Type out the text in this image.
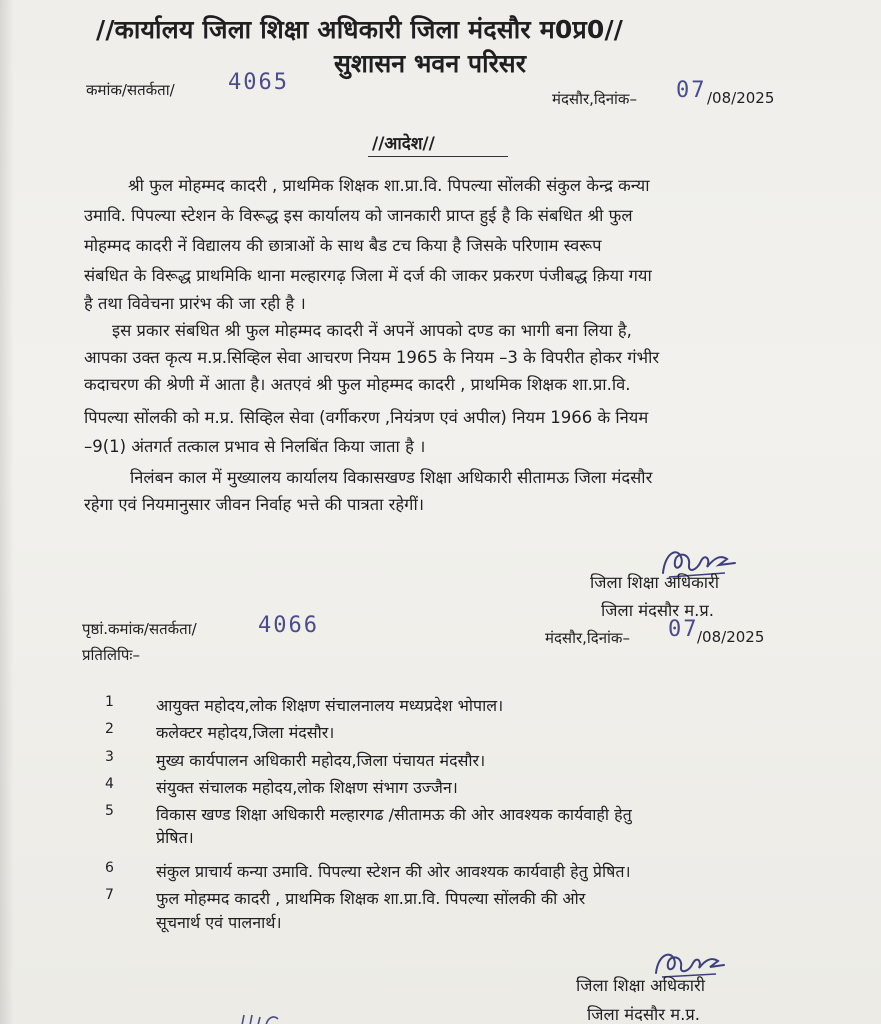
//कार्यालय जिला शिक्षा अधिकारी जिला मंदसौर म0प्र0//
सुशासन भवन परिसर
कमांक/सतर्कता/ 4065
मंदसौर,दिनांक– 07 /08/2025
//आदेश//
श्री फुल मोहम्मद कादरी , प्राथमिक शिक्षक शा.प्रा.वि. पिपल्या सोंलकी संकुल केन्द्र कन्या
उमावि. पिपल्या स्टेशन के विरूद्ध इस कार्यालय को जानकारी प्राप्त हुई है कि संबधित श्री फुल
मोहम्मद कादरी नें विद्यालय की छात्राओं के साथ बैड टच किया है जिसके परिणाम स्वरूप
संबधित के विरूद्ध प्राथमिकि थाना मल्हारगढ़ जिला में दर्ज की जाकर प्रकरण पंजीबद्ध क़िया गया
है तथा विवेचना प्रारंभ की जा रही है ।
इस प्रकार संबधित श्री फुल मोहम्मद कादरी नें अपनें आपको दण्ड का भागी बना लिया है,
आपका उक्त कृत्य म.प्र.सिव्हिल सेवा आचरण नियम 1965 के नियम –3 के विपरीत होकर गंभीर
कदाचरण की श्रेणी में आता है। अतएवं श्री फुल मोहम्मद कादरी , प्राथमिक शिक्षक शा.प्रा.वि.
पिपल्या सोंलकी को म.प्र. सिव्हिल सेवा (वर्गीकरण ,नियंत्रण एवं अपील) नियम 1966 के नियम
–9(1) अंतगर्त तत्काल प्रभाव से निलबिंत किया जाता है ।
निलंबन काल में मुख्यालय कार्यालय विकासखण्ड शिक्षा अधिकारी सीतामऊ जिला मंदसौर
रहेगा एवं नियमानुसार जीवन निर्वाह भत्ते की पात्रता रहेगीं।
जिला शिक्षा अधिकारी
जिला मंदसौर म.प्र.
पृष्ठां.कमांक/सतर्कता/	4066	मंदसौर,दिनांक– 07
/08/2025
प्रतिलिपिः–
1	आयुक्त महोदय,लोक शिक्षण संचालनालय मध्यप्रदेश भोपाल।
2	कलेक्टर महोदय,जिला मंदसौर।
3	मुख्य कार्यपालन अधिकारी महोदय,जिला पंचायत मंदसौर।
4	संयुक्त संचालक महोदय,लोक शिक्षण संभाग उज्जैन।
5	विकास खण्ड शिक्षा अधिकारी मल्हारगढ /सीतामऊ की ओर आवश्यक कार्यवाही हेतु
प्रेषित।
6	संकुल प्राचार्य कन्या उमावि. पिपल्या स्टेशन की ओर आवश्यक कार्यवाही हेतु प्रेषित।
7	फुल मोहम्मद कादरी , प्राथमिक शिक्षक शा.प्रा.वि. पिपल्या सोंलकी की ओर
सूचनार्थ एवं पालनार्थ।
जिला शिक्षा अधिकारी
जिला मंदसौर म.प्र.
